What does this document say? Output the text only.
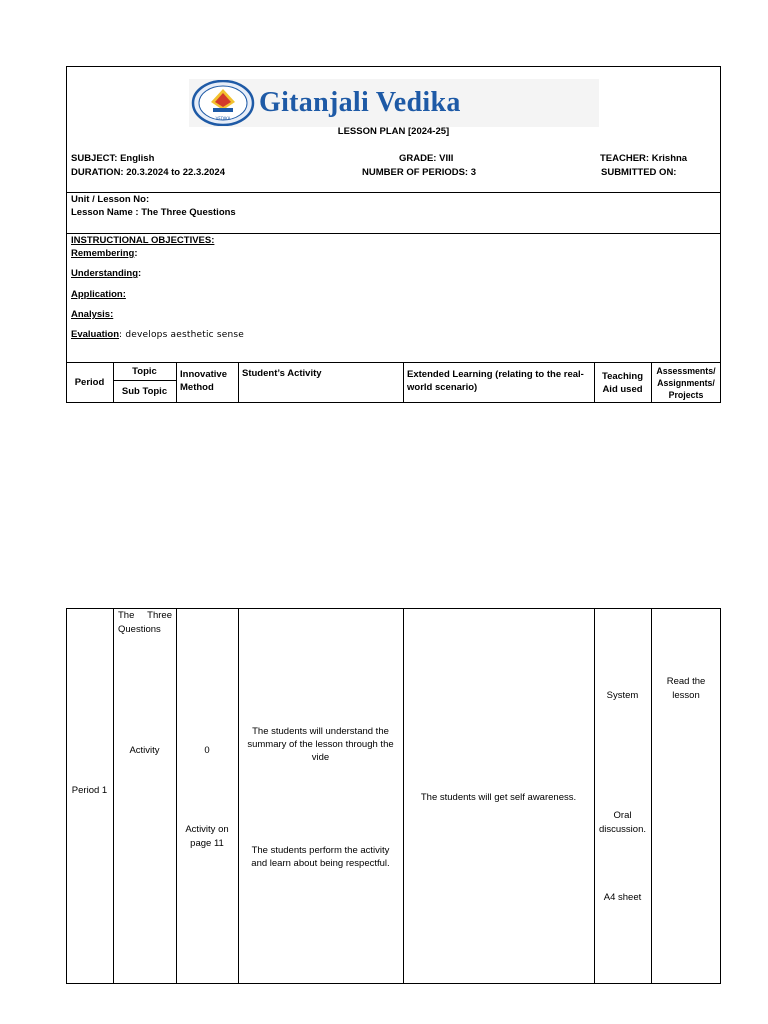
VEDIKA
Gitanjali Vedika
LESSON PLAN [2024-25]
SUBJECT: English
DURATION: 20.3.2024 to 22.3.2024
GRADE: VIII
NUMBER OF PERIODS: 3
TEACHER: Krishna
SUBMITTED ON:
Unit / Lesson No:
Lesson Name : The Three Questions
INSTRUCTIONAL OBJECTIVES:
Remembering:
Understanding:
Application:
Analysis:
Evaluation: develops aesthetic sense
Period
Topic
Sub Topic
Innovative Method
Student’s Activity	Extended Learning (relating to the real-world scenario)
Teaching Aid used
Assessments/ Assignments/ Projects
Period 1
The Three Questions
Activity	0
Activity on page 11
The students will understand the summary of the lesson through the vide
The students perform the activity and learn about being respectful.
The students will get self awareness.
System
Oral discussion.
A4 sheet
Read the lesson
